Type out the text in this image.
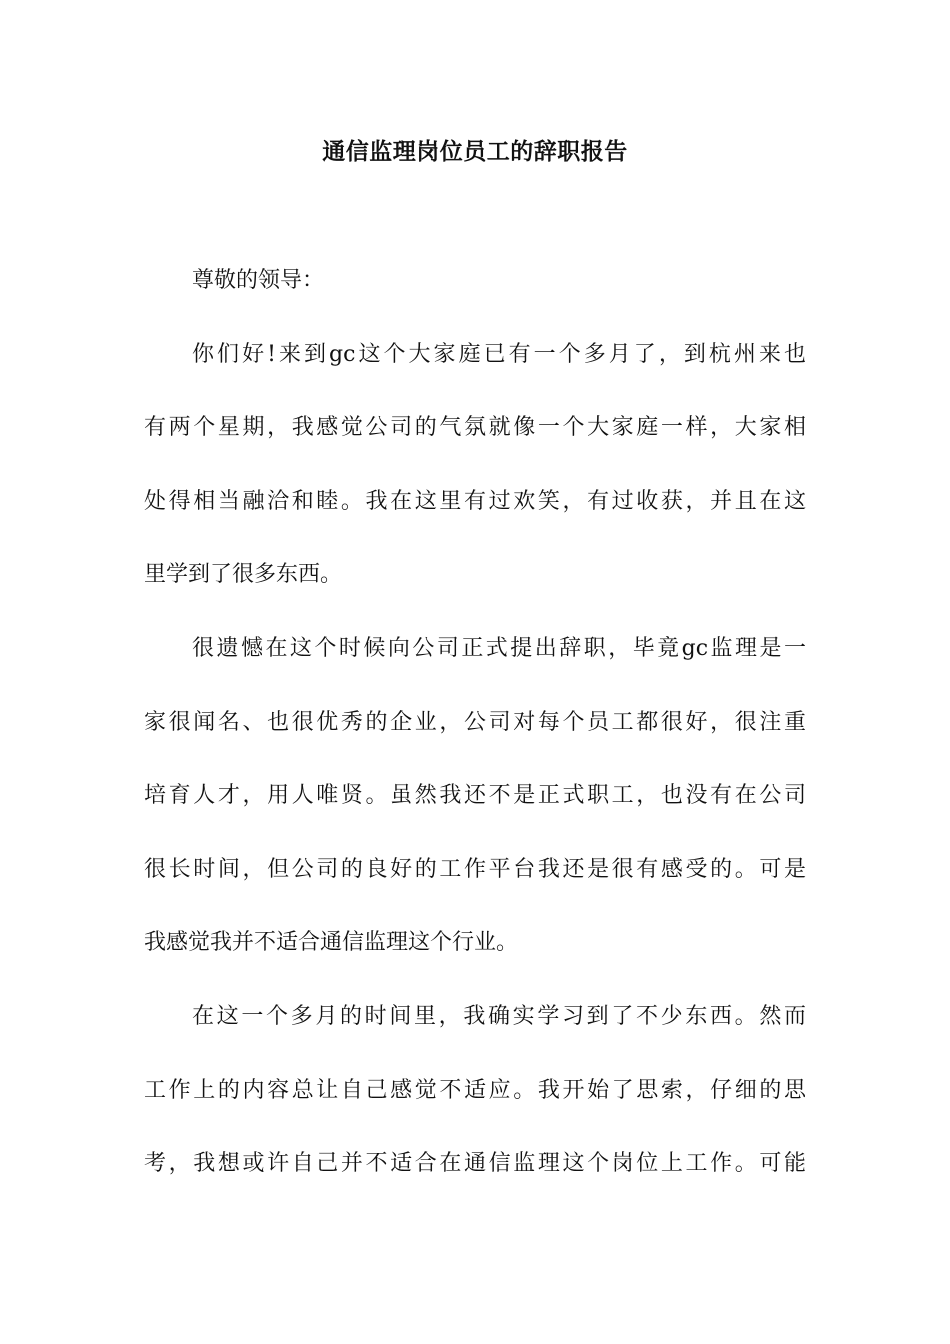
通信监理岗位员工的辞职报告
尊敬的领导：
你们好!来到gc这个大家庭已有一个多月了，到杭州来也
有两个星期，我感觉公司的气氛就像一个大家庭一样，大家相
处得相当融洽和睦。我在这里有过欢笑，有过收获，并且在这
里学到了很多东西。
很遗憾在这个时候向公司正式提出辞职，毕竟gc监理是一
家很闻名、也很优秀的企业，公司对每个员工都很好，很注重
培育人才，用人唯贤。虽然我还不是正式职工，也没有在公司
很长时间，但公司的良好的工作平台我还是很有感受的。可是
我感觉我并不适合通信监理这个行业。
在这一个多月的时间里，我确实学习到了不少东西。然而
工作上的内容总让自己感觉不适应。我开始了思索，仔细的思
考，我想或许自己并不适合在通信监理这个岗位上工作。可能
